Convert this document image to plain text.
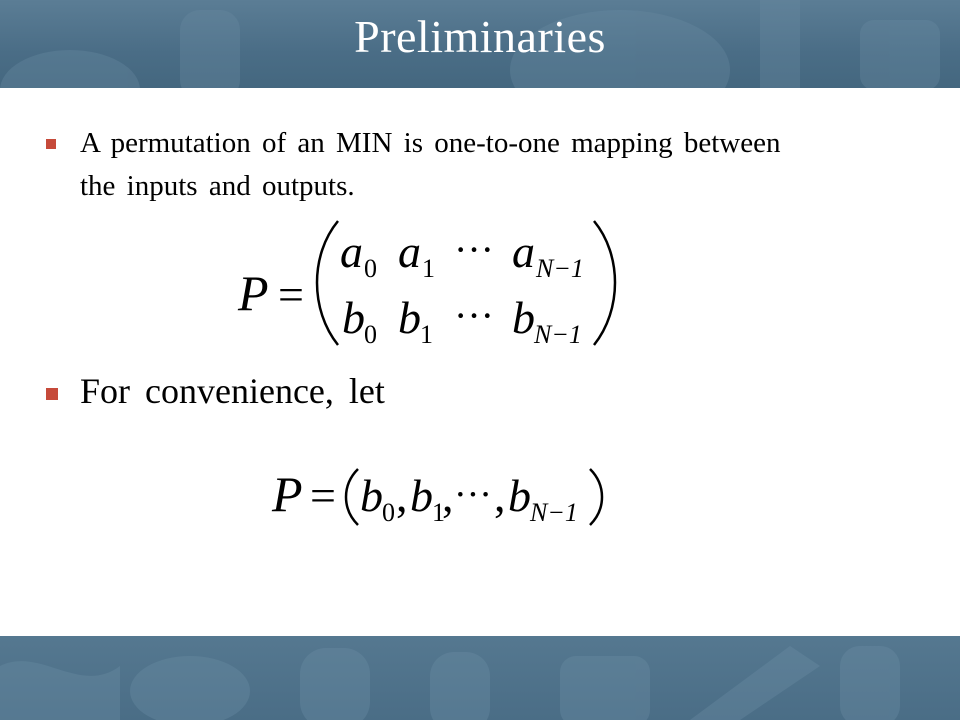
Preliminaries
A permutation of an MIN is one-to-one mapping between the inputs and outputs.
P =
a 0 a 1 ··· a N−1
b 0 b 1 ··· b N−1
For convenience, let
P = b 0 , b 1
, ··· , b N−1
